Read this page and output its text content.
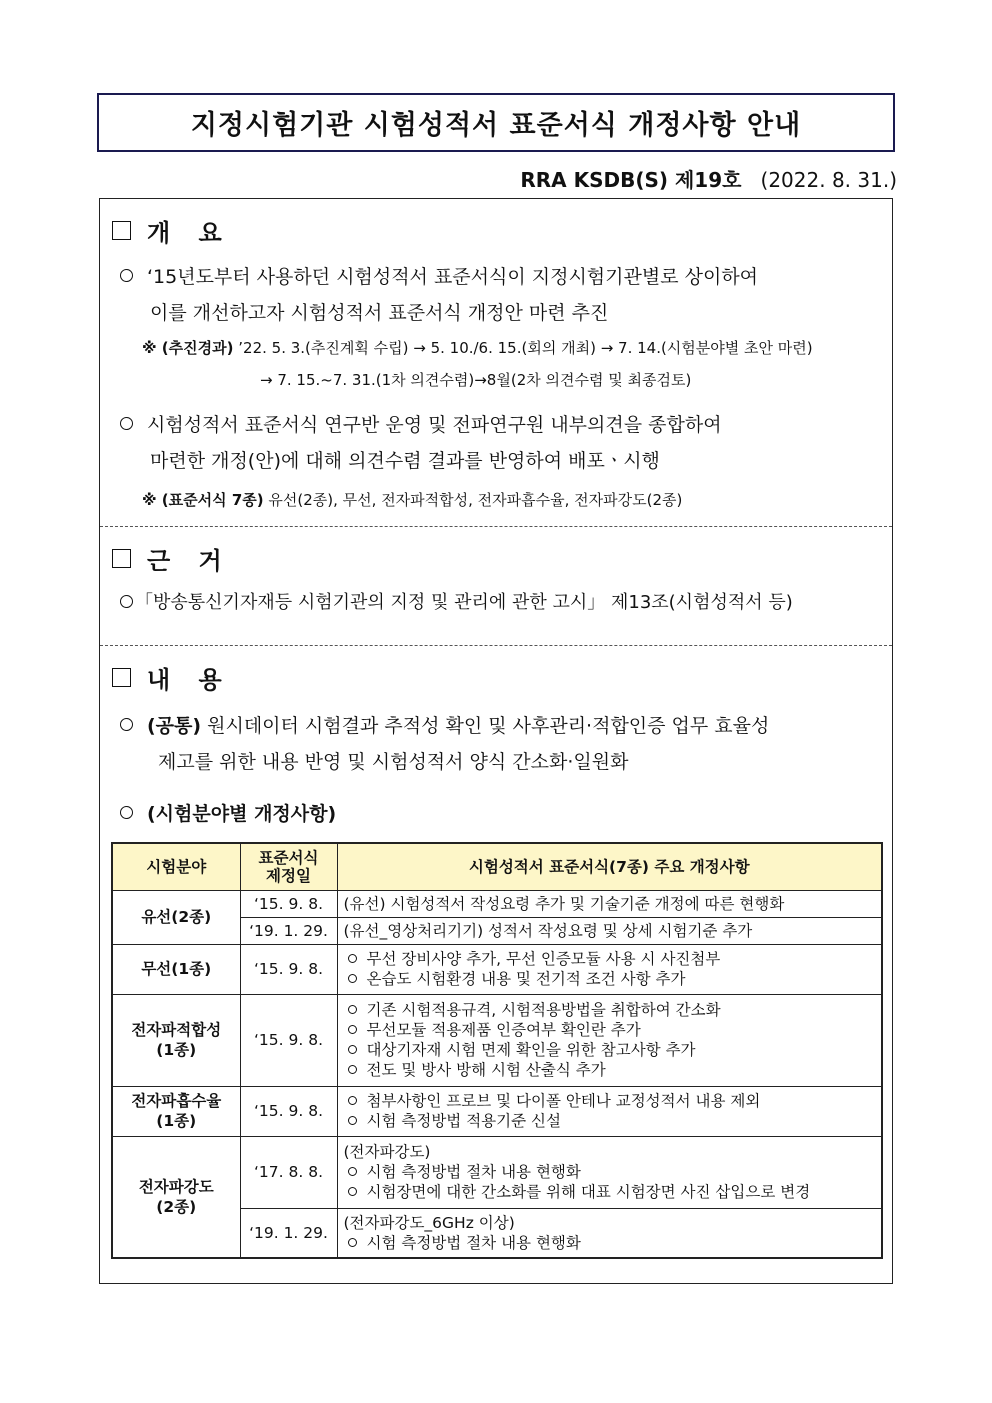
지정시험기관 시험성적서 표준서식 개정사항 안내
RRA KSDB(S) 제19호 (2022. 8. 31.)
개 요
‘15년도부터 사용하던 시험성적서 표준서식이 지정시험기관별로 상이하여
이를 개선하고자 시험성적서 표준서식 개정안 마련 추진
※ (추진경과) ’22. 5. 3.(추진계획 수립) → 5. 10./6. 15.(회의 개최) → 7. 14.(시험분야별 초안 마련)
→ 7. 15.~7. 31.(1차 의견수렴)→8월(2차 의견수렴 및 최종검토)
시험성적서 표준서식 연구반 운영 및 전파연구원 내부의견을 종합하여
마련한 개정(안)에 대해 의견수렴 결과를 반영하여 배포ㆍ시행
※ (표준서식 7종) 유선(2종), 무선, 전자파적합성, 전자파흡수율, 전자파강도(2종)
근 거
「방송통신기자재등 시험기관의 지정 및 관리에 관한 고시」 제13조(시험성적서 등)
내 용
(공통) 원시데이터 시험결과 추적성 확인 및 사후관리·적합인증 업무 효율성
제고를 위한 내용 반영 및 시험성적서 양식 간소화·일원화
(시험분야별 개정사항)
시험분야	표준서식 제정일	시험성적서 표준서식(7종) 주요 개정사항
유선(2종)	‘15. 9. 8.	(유선) 시험성적서 작성요령 추가 및 기술기준 개정에 따른 현행화
	‘19. 1. 29.	(유선_영상처리기기) 성적서 작성요령 및 상세 시험기준 추가
무선(1종)	‘15. 9. 8.	무선 장비사양 추가, 무선 인증모듈 사용 시 사진첨부
온습도 시험환경 내용 및 전기적 조건 사항 추가

전자파적합성
(1종)	‘15. 9. 8.	기존 시험적용규격, 시험적용방법을 취합하여 간소화
무선모듈 적용제품 인증여부 확인란 추가
대상기자재 시험 면제 확인을 위한 참고사항 추가
전도 및 방사 방해 시험 산출식 추가

전자파흡수율
(1종)	‘15. 9. 8.	첨부사항인 프로브 및 다이폴 안테나 교정성적서 내용 제외
시험 측정방법 적용기준 신설

전자파강도
(2종)	‘17. 8. 8.	(전자파강도)
시험 측정방법 절차 내용 현행화
시험장면에 대한 간소화를 위해 대표 시험장면 사진 삽입으로 변경

	‘19. 1. 29.	(전자파강도_6GHz 이상)
시험 측정방법 절차 내용 현행화
